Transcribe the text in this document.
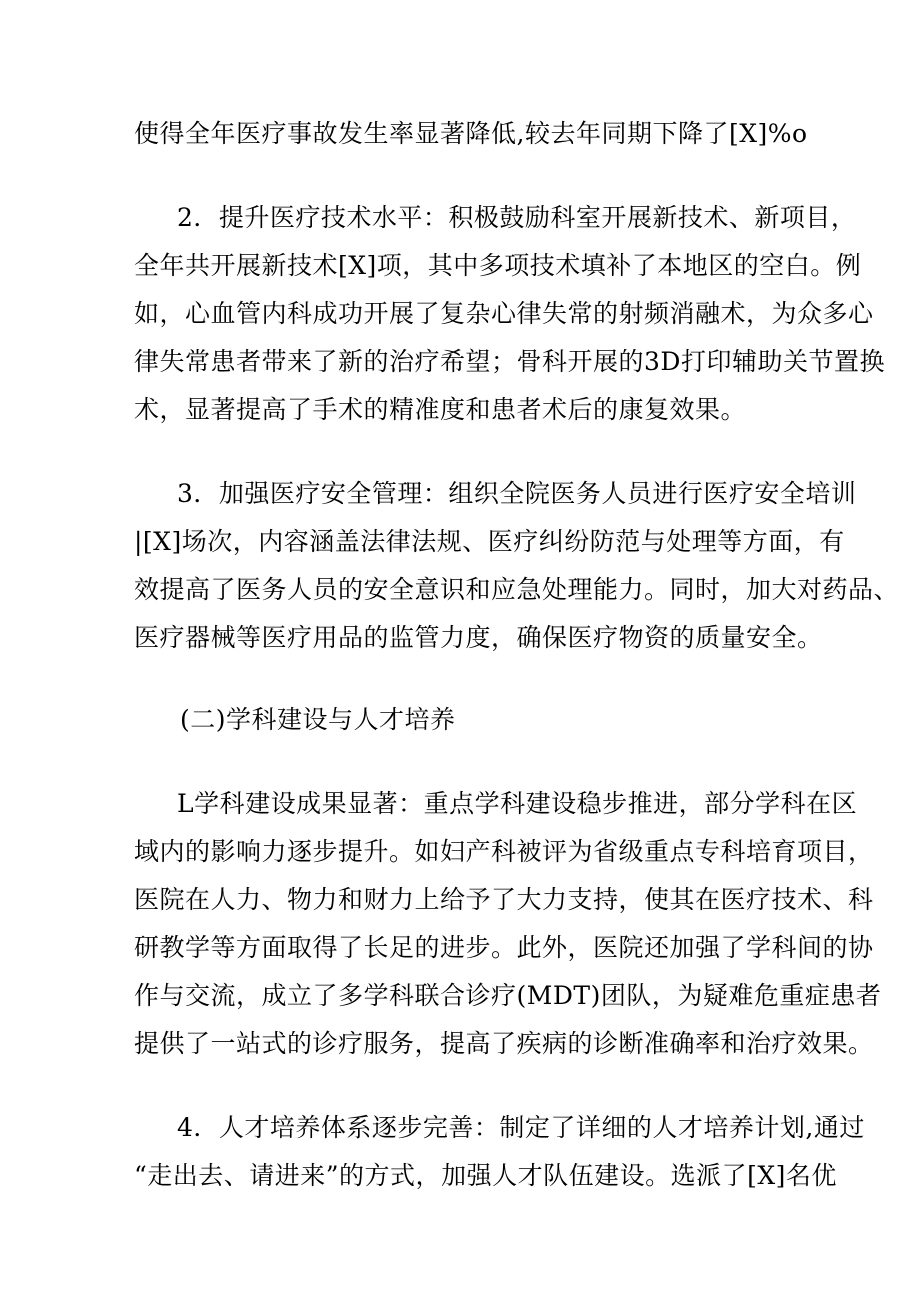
使得全年医疗事故发生率显著降低,较去年同期下降了[X]%o
2．提升医疗技术水平：积极鼓励科室开展新技术、新项目，
全年共开展新技术[X]项，其中多项技术填补了本地区的空白。例
如，心血管内科成功开展了复杂心律失常的射频消融术，为众多心
律失常患者带来了新的治疗希望；骨科开展的3D打印辅助关节置换
术，显著提高了手术的精准度和患者术后的康复效果。
3．加强医疗安全管理：组织全院医务人员进行医疗安全培训
|[X]场次，内容涵盖法律法规、医疗纠纷防范与处理等方面，有
效提高了医务人员的安全意识和应急处理能力。同时，加大对药品、
医疗器械等医疗用品的监管力度，确保医疗物资的质量安全。
(二)学科建设与人才培养
L学科建设成果显著：重点学科建设稳步推进，部分学科在区
域内的影响力逐步提升。如妇产科被评为省级重点专科培育项目，
医院在人力、物力和财力上给予了大力支持，使其在医疗技术、科
研教学等方面取得了长足的进步。此外，医院还加强了学科间的协
作与交流，成立了多学科联合诊疗(MDT)团队，为疑难危重症患者
提供了一站式的诊疗服务，提高了疾病的诊断准确率和治疗效果。
4．人才培养体系逐步完善：制定了详细的人才培养计划,通过
“走出去、请进来”的方式，加强人才队伍建设。选派了[X]名优
